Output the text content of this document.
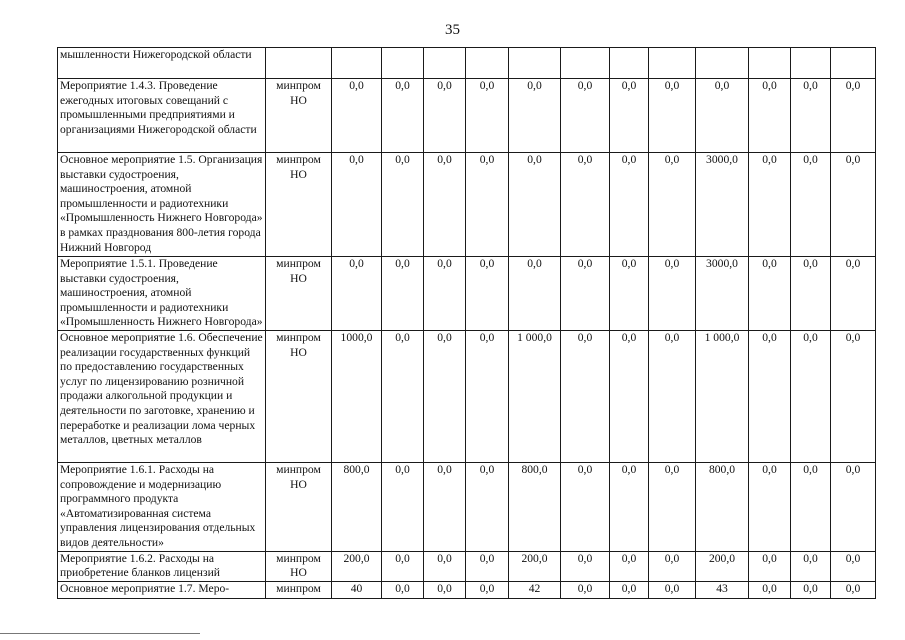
35
мышленности Нижегородской области													
Мероприятие 1.4.3. Проведение ежегодных итоговых совещаний с промышленными предприятиями и организациями Нижегородской области	минпром НО	0,0	0,0	0,0	0,0	0,0	0,0	0,0	0,0	0,0	0,0	0,0	0,0
Основное мероприятие 1.5. Организация выставки судостроения, машиностроения, атомной промышленности и радиотехники «Промышленность Нижнего Новгорода» в рамках празднования 800-летия города Нижний Новгород	минпром НО	0,0	0,0	0,0	0,0	0,0	0,0	0,0	0,0	3000,0	0,0	0,0	0,0
Мероприятие 1.5.1. Проведение выставки судостроения, машиностроения, атомной промышленности и радиотехники «Промышленность Нижнего Новгорода»	минпром НО	0,0	0,0	0,0	0,0	0,0	0,0	0,0	0,0	3000,0	0,0	0,0	0,0
Основное мероприятие 1.6. Обеспечение реализации государственных функций по предоставлению государственных услуг по лицензированию розничной продажи алкогольной продукции и деятельности по заготовке, хранению и переработке и реализации лома черных металлов, цветных металлов	минпром НО	1000,0	0,0	0,0	0,0	1 000,0	0,0	0,0	0,0	1 000,0	0,0	0,0	0,0
Мероприятие 1.6.1. Расходы на сопровождение и модернизацию программного продукта «Автоматизированная система управления лицензирования отдельных видов деятельности»	минпром НО	800,0	0,0	0,0	0,0	800,0	0,0	0,0	0,0	800,0	0,0	0,0	0,0
Мероприятие 1.6.2. Расходы на приобретение бланков лицензий	минпром НО	200,0	0,0	0,0	0,0	200,0	0,0	0,0	0,0	200,0	0,0	0,0	0,0
Основное мероприятие 1.7. Меро-	минпром	40	0,0	0,0	0,0	42	0,0	0,0	0,0	43	0,0	0,0	0,0
